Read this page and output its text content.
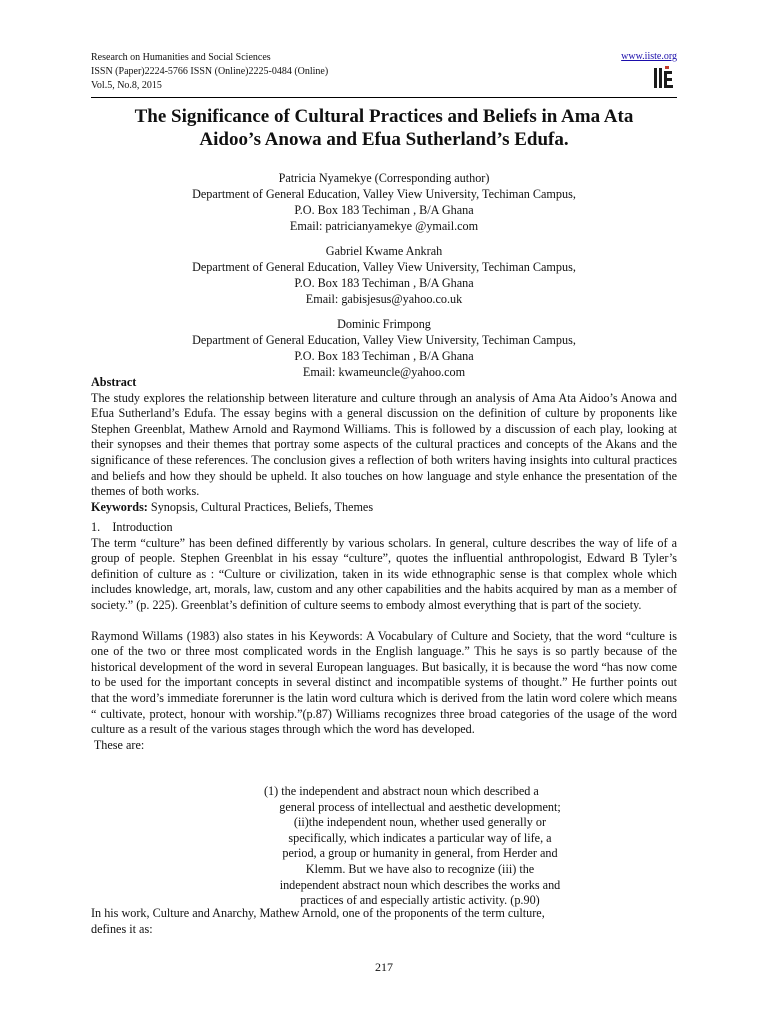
Research on Humanities and Social Sciences
ISSN (Paper)2224-5766 ISSN (Online)2225-0484 (Online)
Vol.5, No.8, 2015
www.iiste.org
The Significance of Cultural Practices and Beliefs in Ama Ata
Aidoo’s Anowa and Efua Sutherland’s Edufa.
Patricia Nyamekye (Corresponding author)
Department of General Education, Valley View University, Techiman Campus,
P.O. Box 183 Techiman , B/A Ghana
Email: patricianyamekye @ymail.com
Gabriel Kwame Ankrah
Department of General Education, Valley View University, Techiman Campus,
P.O. Box 183 Techiman , B/A Ghana
Email: gabisjesus@yahoo.co.uk
Dominic Frimpong
Department of General Education, Valley View University, Techiman Campus,
P.O. Box 183 Techiman , B/A Ghana
Email: kwameuncle@yahoo.com

Abstract

The study explores the relationship between literature and culture through an analysis of Ama Ata Aidoo’s Anowa and Efua Sutherland’s Edufa. The essay begins with a general discussion on the definition of culture by proponents like Stephen Greenblat, Mathew Arnold and Raymond Williams. This is followed by a discussion of each play, looking at their synopses and their themes that portray some aspects of the cultural practices and concepts of the Akans and the significance of these references. The conclusion gives a reflection of both writers having insights into cultural practices and beliefs and how they should be upheld. It also touches on how language and style enhance the presentation of the themes of both works.

Keywords: Synopsis, Cultural Practices, Beliefs, Themes

1.    Introduction

The term “culture” has been defined differently by various scholars. In general, culture describes the way of life of a group of people. Stephen Greenblat in his essay “culture”, quotes the influential anthropologist, Edward B Tyler’s definition of culture as : “Culture or civilization, taken in its wide ethnographic sense is that complex whole which includes knowledge, art, morals, law, custom and any other capabilities and the habits acquired by man as a member of society.” (p. 225). Greenblat’s definition of culture seems to embody almost everything that is part of the society.

Raymond Willams (1983) also states in his Keywords: A Vocabulary of Culture and Society, that the word “culture is one of the two or three most complicated words in the English language.” This he says is so partly because of the historical development of the word in several European languages. But basically, it is because the word “has now come to be used for the important concepts in several distinct and incompatible systems of thought.” He further points out that the word’s immediate forerunner is the latin word cultura which is derived from the latin word colere which means “ cultivate, protect, honour with worship.”(p.87) Williams recognizes three broad categories of the usage of the word culture as a result of the various stages through which the word has developed.

These are:

(1) the independent and abstract noun which described a
general process of intellectual and aesthetic development;
(ii)the independent noun, whether used generally or
specifically, which indicates a particular way of life, a
period, a group or humanity in general, from Herder and
Klemm. But we have also to recognize (iii) the
independent abstract noun which describes the works and
practices of and especially artistic activity. (p.90)

In his work, Culture and Anarchy, Mathew Arnold, one of the proponents of the term culture,

defines it as:

217
